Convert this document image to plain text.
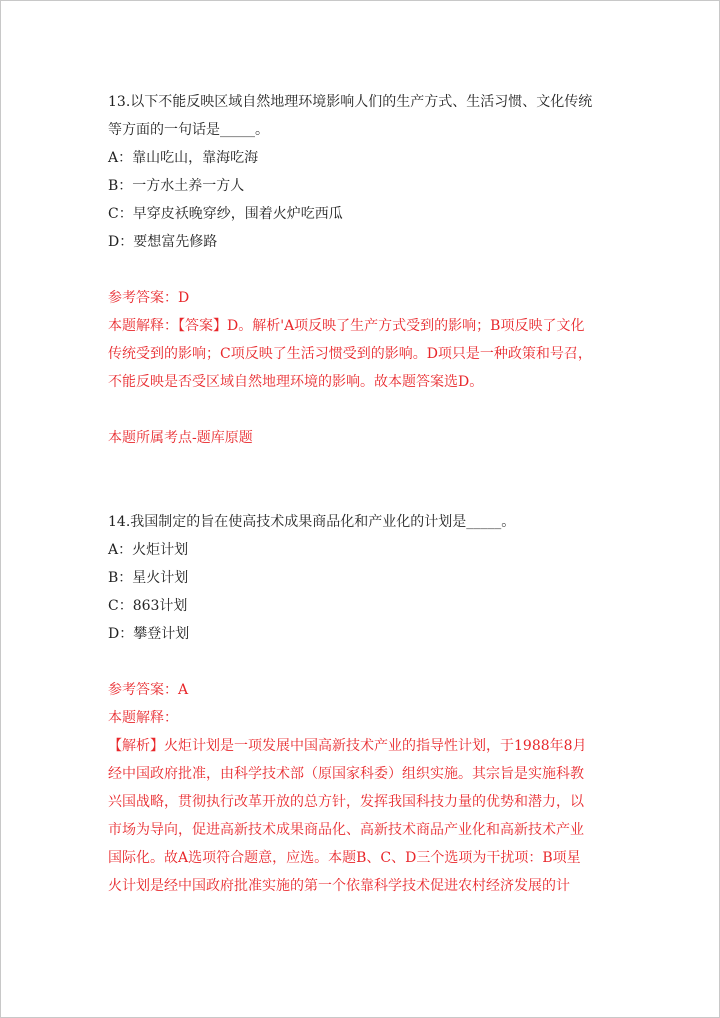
13.以下不能反映区域自然地理环境影响人们的生产方式、生活习惯、文化传统
等方面的一句话是_____。
A：靠山吃山，靠海吃海
B：一方水土养一方人
C：早穿皮袄晚穿纱，围着火炉吃西瓜
D：要想富先修路
参考答案：D
本题解释：【答案】D。解析'A项反映了生产方式受到的影响；B项反映了文化
传统受到的影响；C项反映了生活习惯受到的影响。D项只是一种政策和号召，
不能反映是否受区域自然地理环境的影响。故本题答案选D。
本题所属考点-题库原题
14.我国制定的旨在使高技术成果商品化和产业化的计划是_____。
A：火炬计划
B：星火计划
C：863计划
D：攀登计划
参考答案：A
本题解释：
【解析】火炬计划是一项发展中国高新技术产业的指导性计划，于1988年8月
经中国政府批准，由科学技术部（原国家科委）组织实施。其宗旨是实施科教
兴国战略，贯彻执行改革开放的总方针，发挥我国科技力量的优势和潜力，以
市场为导向，促进高新技术成果商品化、高新技术商品产业化和高新技术产业
国际化。故A选项符合题意，应选。本题B、C、D三个选项为干扰项：B项星
火计划是经中国政府批准实施的第一个依靠科学技术促进农村经济发展的计
